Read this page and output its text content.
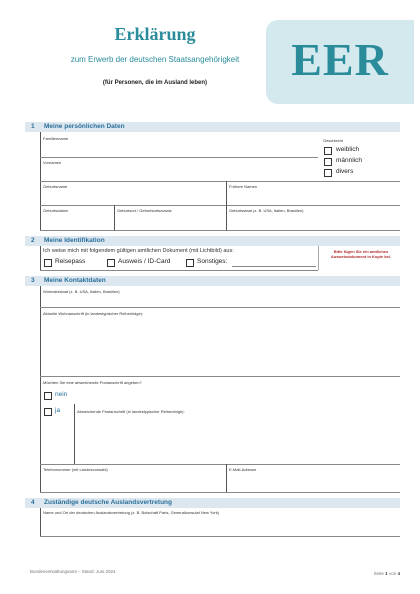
Erklärung
zum Erwerb der deutschen Staatsangehörigkeit
(für Personen, die im Ausland leben)	EER
1 Meine persönlichen Daten
Familienname
Vornamen
Geschlecht
weiblich
männlich
divers
Geburtsname	Frühere Namen
Geburtsdatum	Geburtsort / Geburtsortszusatz	Geburtsstaat (z. B. USA, Italien, Brasilien)
2 Meine Identifikation
Ich weise mich mit folgendem gültigen amtlichen Dokument (mit Lichtbild) aus:
Reisepass	Ausweis / ID-Card	Sonstiges:
Bitte fügen Sie ein amtliches Ausweisdokument in Kopie bei.
3 Meine Kontaktdaten
Wohnsitzstaat (z. B. USA, Italien, Brasilien)
Aktuelle Wohnanschrift (in landestypischer Reihenfolge):
Möchten Sie eine abweichende Postanschrift angeben?
nein
ja	Abweichende Postanschrift (in landestypischer Reihenfolge):
Telefonnummer (mit Landesvorwahl)	E-Mail-Adresse
4 Zuständige deutsche Auslandsvertretung
Name und Ort der deutschen Auslandsvertretung (z. B. Botschaft Paris, Generalkonsulat New York)
Bundesverwaltungsamt – Stand: Juni 2024	Seite 1 von 4
